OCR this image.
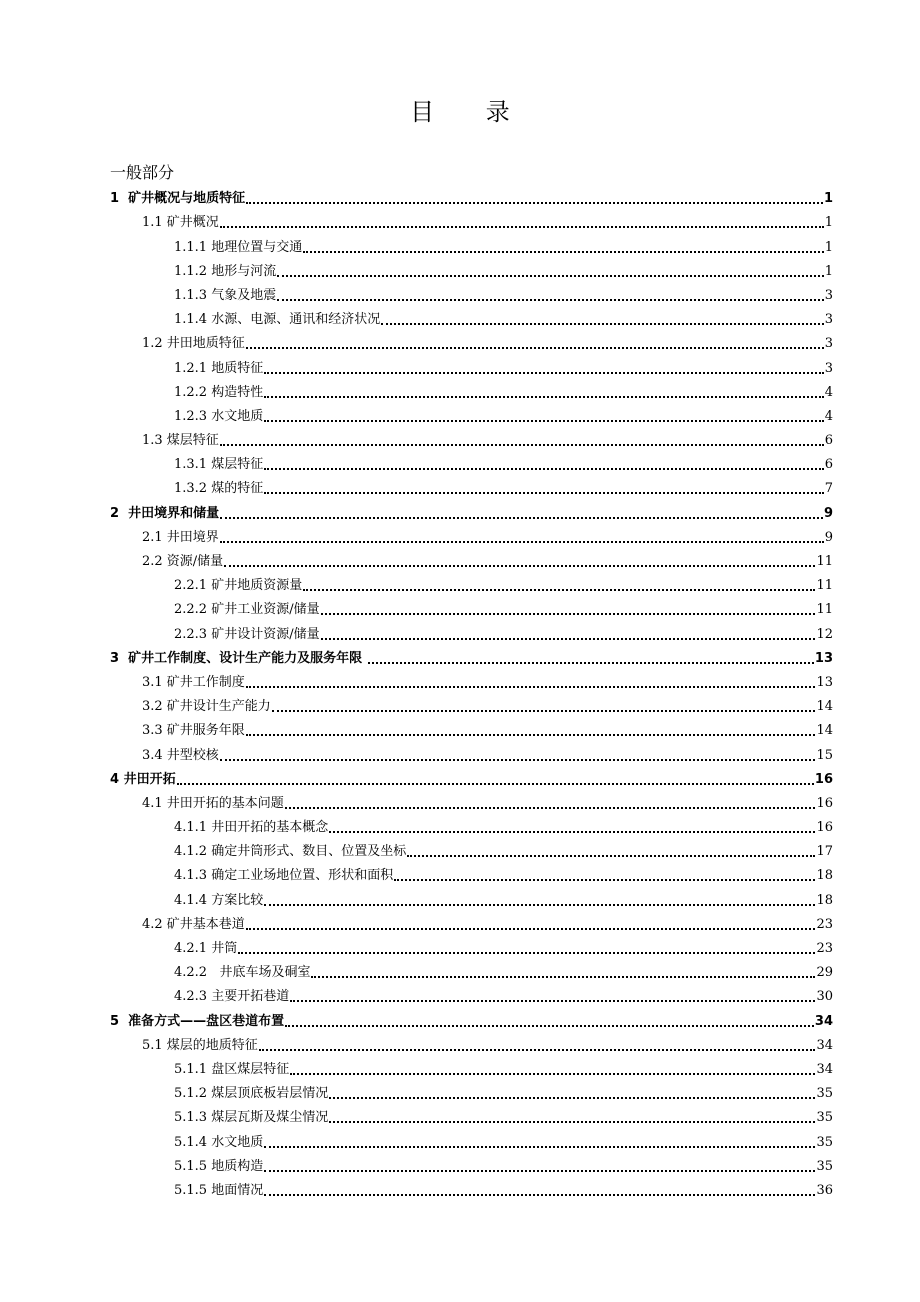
目 录
一般部分
1  矿井概况与地质特征	1
1.1 矿井概况	1
1.1.1 地理位置与交通	1
1.1.2 地形与河流	1
1.1.3 气象及地震	3
1.1.4 水源、电源、通讯和经济状况	3
1.2 井田地质特征	3
1.2.1 地质特征	3
1.2.2 构造特性	4
1.2.3 水文地质	4
1.3 煤层特征	6
1.3.1 煤层特征	6
1.3.2 煤的特征	7
2  井田境界和储量	9
2.1 井田境界	9
2.2 资源/储量	11
2.2.1 矿井地质资源量	11
2.2.2 矿井工业资源/储量	11
2.2.3 矿井设计资源/储量	12
3  矿井工作制度、设计生产能力及服务年限	13
3.1 矿井工作制度	13
3.2 矿井设计生产能力	14
3.3 矿井服务年限	14
3.4 井型校核	15
4 井田开拓	16
4.1 井田开拓的基本问题	16
4.1.1 井田开拓的基本概念	16
4.1.2 确定井筒形式、数目、位置及坐标	17
4.1.3 确定工业场地位置、形状和面积	18
4.1.4 方案比较	18
4.2 矿井基本巷道	23
4.2.1 井筒	23
4.2.2   井底车场及硐室	29
4.2.3 主要开拓巷道	30
5  准备方式——盘区巷道布置	34
5.1 煤层的地质特征	34
5.1.1 盘区煤层特征	34
5.1.2 煤层顶底板岩层情况	35
5.1.3 煤层瓦斯及煤尘情况	35
5.1.4 水文地质	35
5.1.5 地质构造	35
5.1.5 地面情况	36
